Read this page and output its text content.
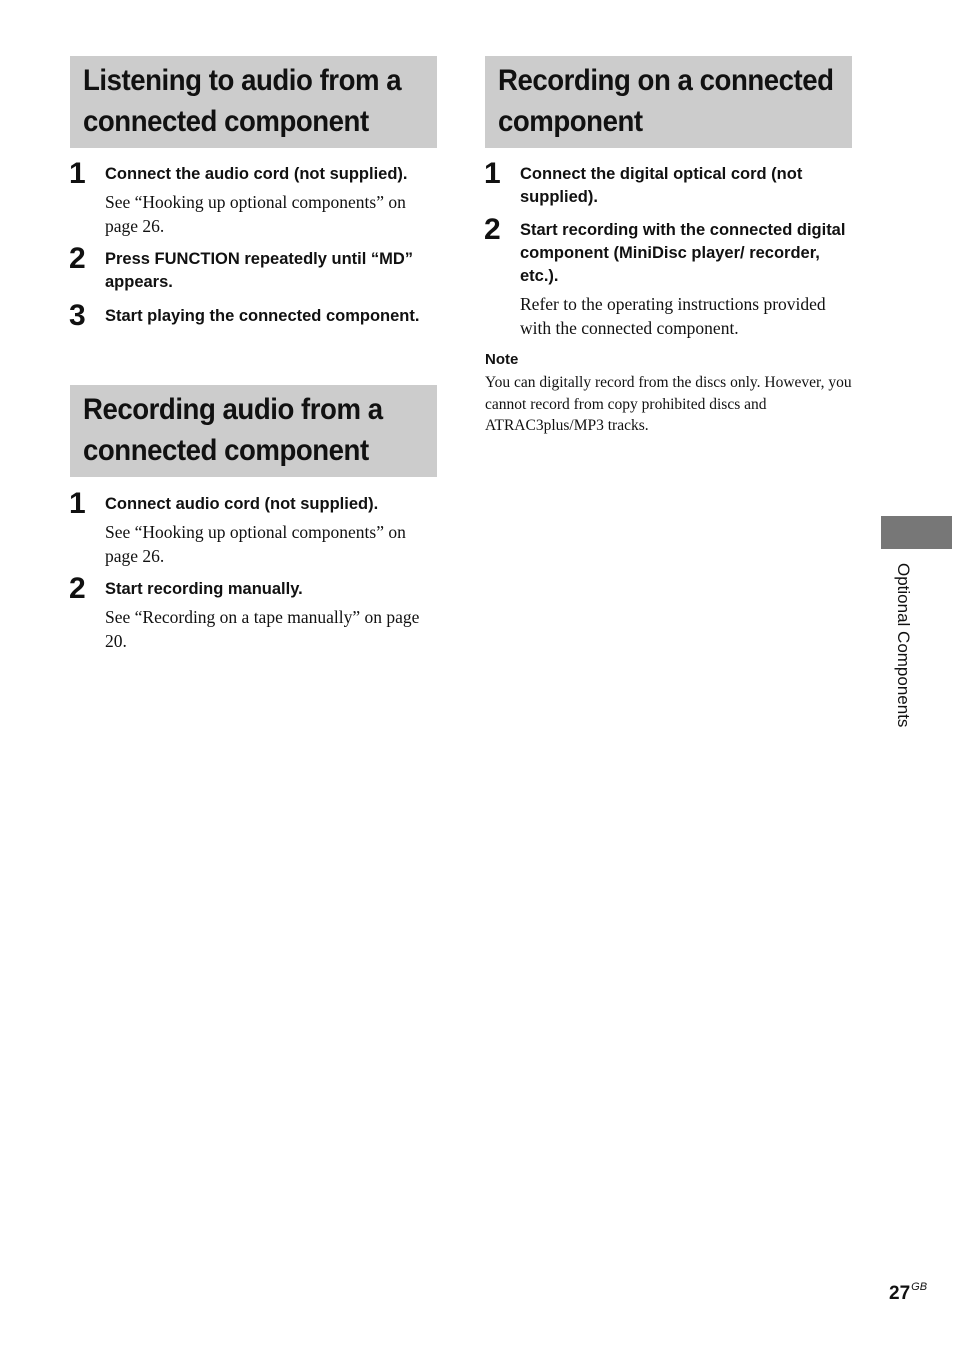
Listening to audio from a
connected component
1 Connect the audio cord (not supplied).

See “Hooking up optional components” on page 26.

2 Press FUNCTION repeatedly until “MD” appears.

3 Start playing the connected component.

Recording audio from a
connected component
1 Connect audio cord (not supplied).

See “Hooking up optional components” on page 26.

2 Start recording manually.

See “Recording on a tape manually” on page 20.

Recording on a connected
component
1 Connect the digital optical cord (not supplied).

2 Start recording with the connected digital component (MiniDisc player/ recorder, etc.).

Refer to the operating instructions provided with the connected component.

Note

You can digitally record from the discs only. However, you cannot record from copy prohibited discs and ATRAC3plus/MP3 tracks.

Optional Components
$27^{GB}$
